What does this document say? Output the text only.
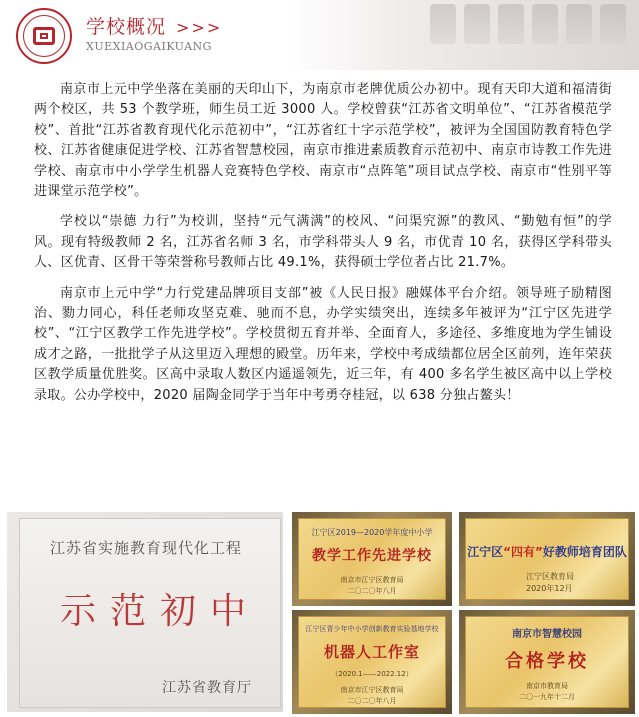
学校概况 >>>
XUEXIAOGAIKUANG

南京市上元中学坐落在美丽的天印山下，为南京市老牌优质公办初中。现有天印大道和福清街两个校区，共 53 个教学班，师生员工近 3000 人。学校曾获“江苏省文明单位”、“江苏省模范学校”、首批“江苏省教育现代化示范初中”，“江苏省红十字示范学校”，被评为全国国防教育特色学校、江苏省健康促进学校、江苏省智慧校园，南京市推进素质教育示范初中、南京市诗教工作先进学校、南京市中小学学生机器人竞赛特色学校、南京市“点阵笔”项目试点学校、南京市“性别平等进课堂示范学校”。

学校以“崇德 力行”为校训，坚持“元气满满”的校风、“问渠究源”的教风、“勤勉有恒”的学风。现有特级教师 2 名，江苏省名师 3 名，市学科带头人 9 名，市优青 10 名，获得区学科带头人、区优青、区骨干等荣誉称号教师占比 49.1%，获得硕士学位者占比 21.7%。

南京市上元中学“力行党建品牌项目支部”被《人民日报》融媒体平台介绍。领导班子励精图治、勠力同心，科任老师攻坚克难、驰而不息，办学实绩突出，连续多年被评为“江宁区先进学校”、“江宁区教学工作先进学校”。学校贯彻五育并举、全面育人，多途径、多维度地为学生铺设成才之路，一批批学子从这里迈入理想的殿堂。历年来，学校中考成绩都位居全区前列，连年荣获区教学质量优胜奖。区高中录取人数区内遥遥领先，近三年，有 400 多名学生被区高中以上学校录取。公办学校中，2020 届陶金同学于当年中考勇夺桂冠，以 638 分独占鳌头！

江苏省实施教育现代化工程
示范初中
江苏省教育厅
江宁区2019—2020学年度中小学
教学工作先进学校
南京市江宁区教育局
二〇二〇年八月
江宁区“四有”好教师培育团队
江宁区教育局
2020年12月
江宁区青少年中小学创新教育实验基地学校
机器人工作室
（2020.1——2022.12）
南京市江宁区教育局
二〇二〇年八月
南京市智慧校园
合格学校
南京市教育局
二〇一九年十二月
